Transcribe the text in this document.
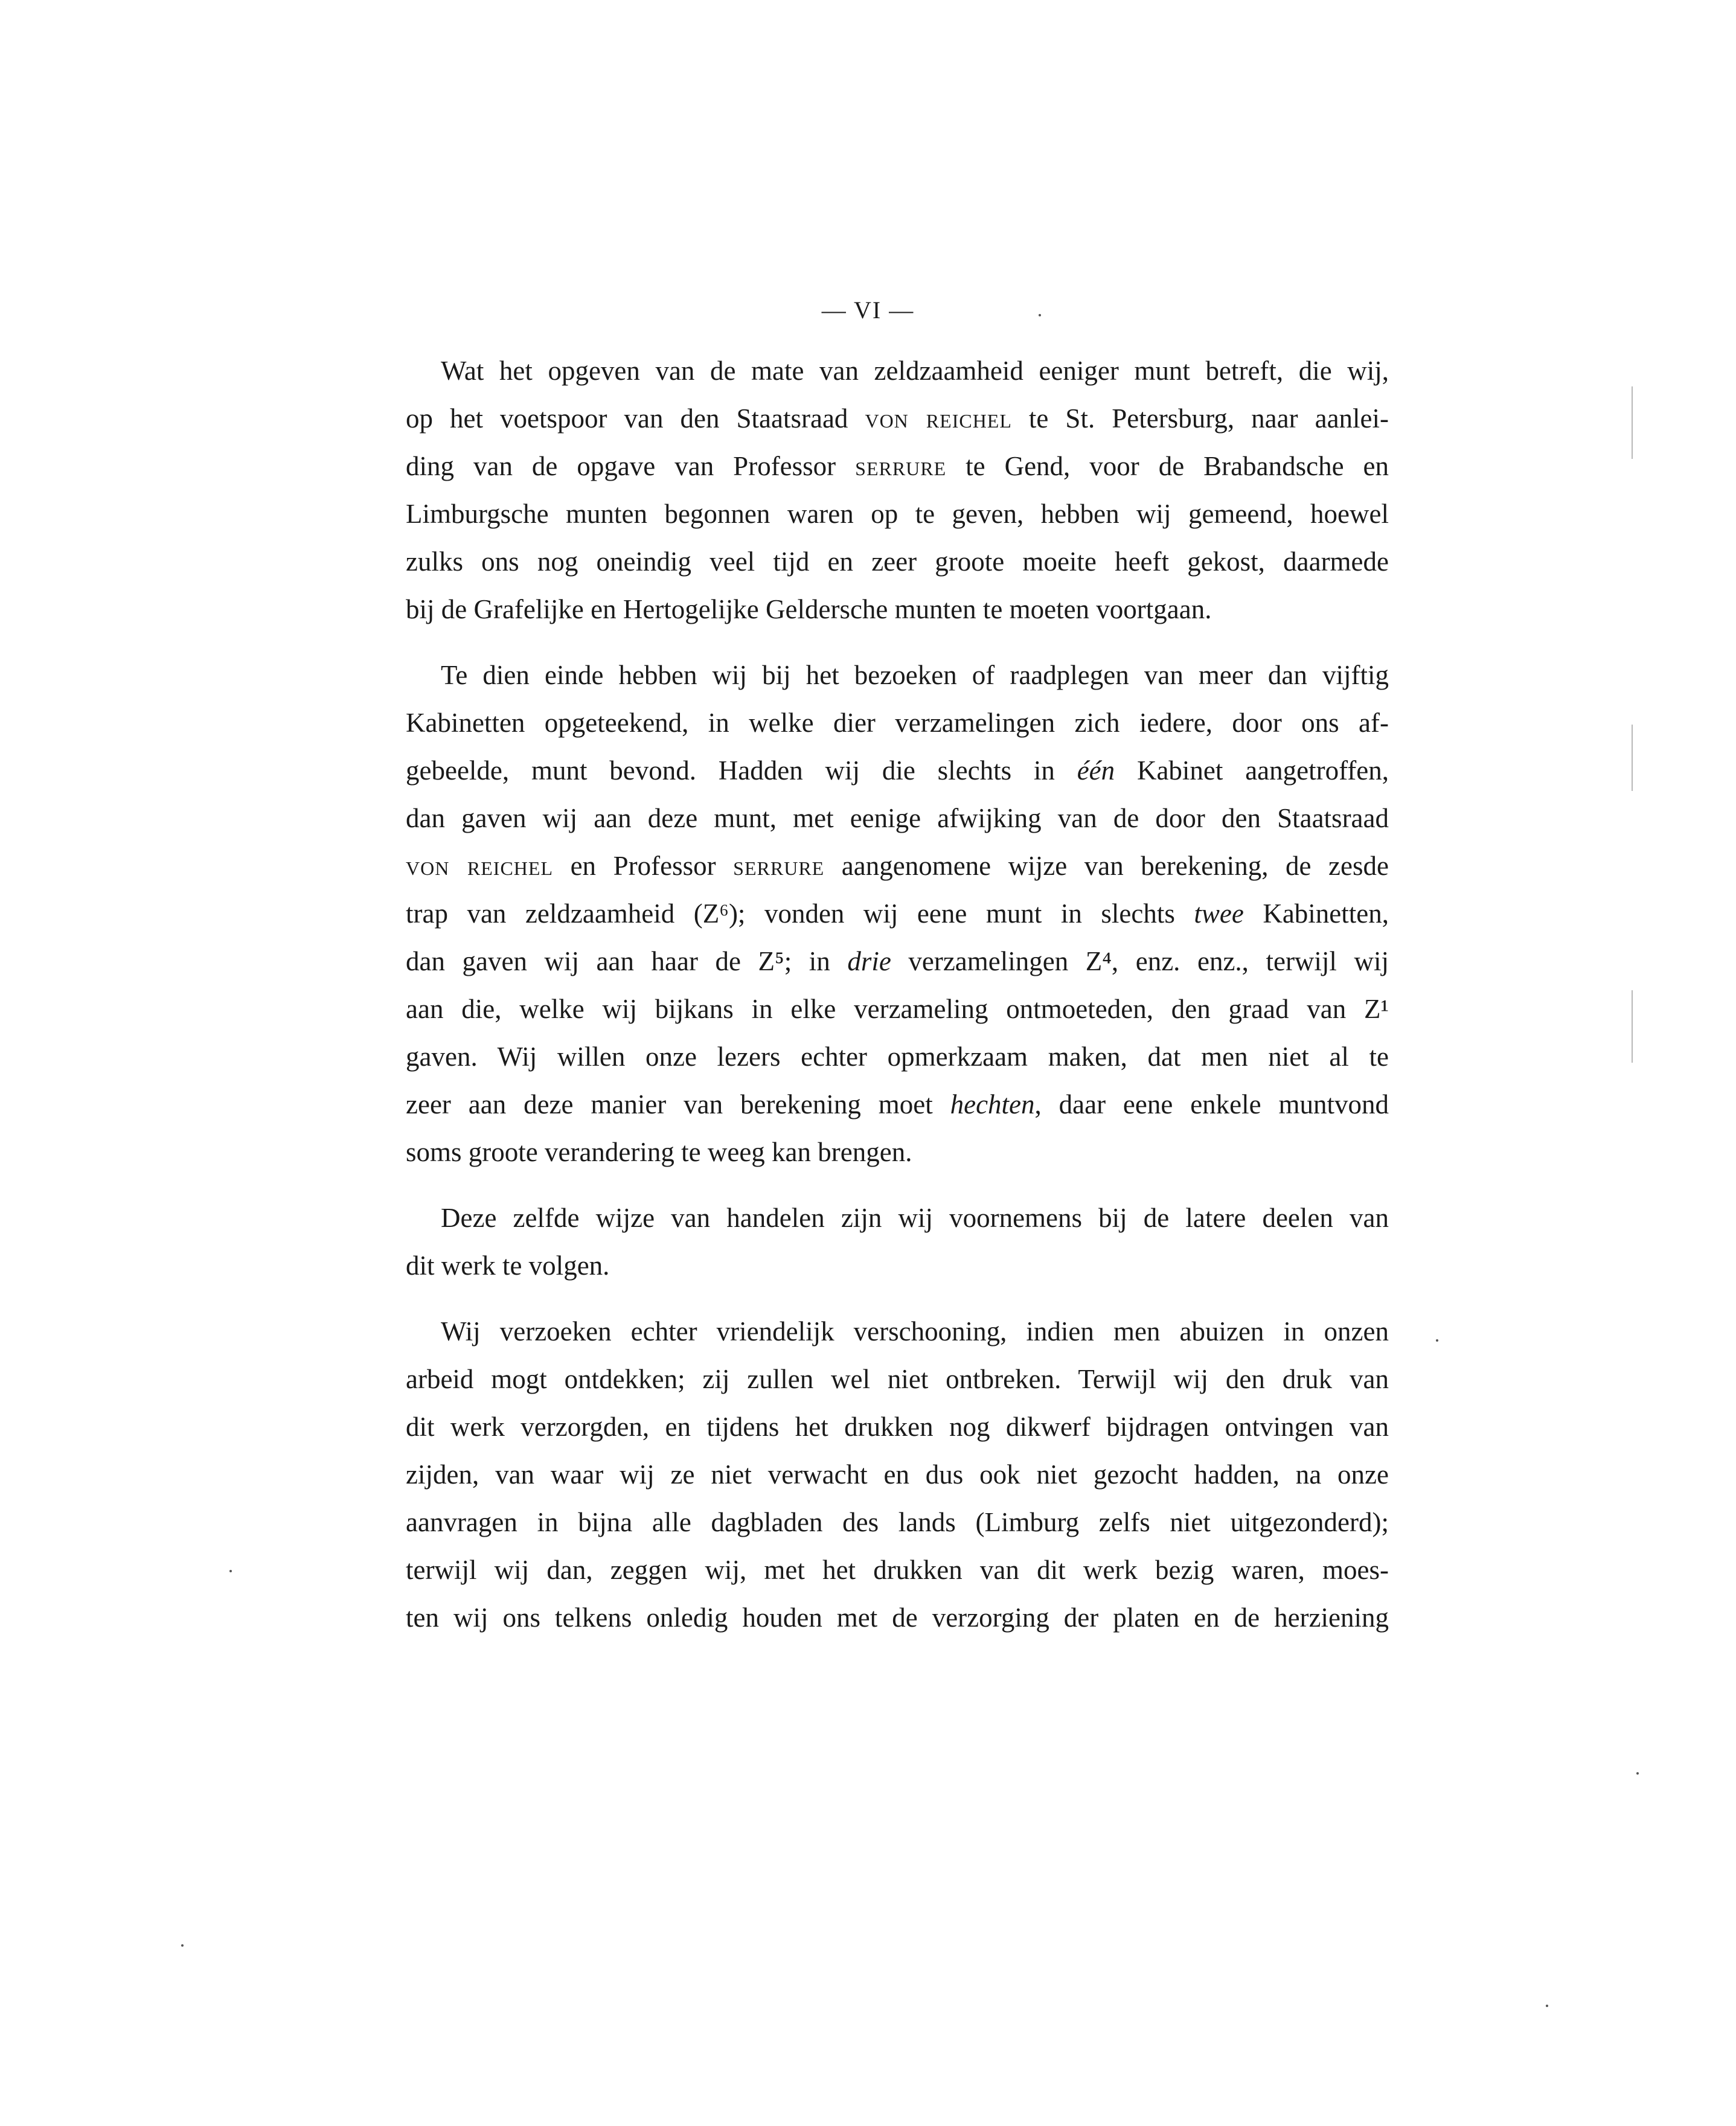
— VI —

Wat het opgeven van de mate van zeldzaamheid eeniger munt betreft, die wij,
op het voetspoor van den Staatsraad von reichel te St. Petersburg, naar aanlei-
ding van de opgave van Professor serrure te Gend, voor de Brabandsche en
Limburgsche munten begonnen waren op te geven, hebben wij gemeend, hoewel
zulks ons nog oneindig veel tijd en zeer groote moeite heeft gekost, daarmede
bij de Grafelijke en Hertogelijke Geldersche munten te moeten voortgaan.

Te dien einde hebben wij bij het bezoeken of raadplegen van meer dan vijftig
Kabinetten opgeteekend, in welke dier verzamelingen zich iedere, door ons af-
gebeelde, munt bevond. Hadden wij die slechts in één Kabinet aangetroffen,
dan gaven wij aan deze munt, met eenige afwijking van de door den Staatsraad
von reichel en Professor serrure aangenomene wijze van berekening, de zesde
trap van zeldzaamheid (Z⁶); vonden wij eene munt in slechts twee Kabinetten,
dan gaven wij aan haar de Z⁵; in drie verzamelingen Z⁴, enz. enz., terwijl wij
aan die, welke wij bijkans in elke verzameling ontmoeteden, den graad van Z¹
gaven. Wij willen onze lezers echter opmerkzaam maken, dat men niet al te
zeer aan deze manier van berekening moet hechten, daar eene enkele muntvond
soms groote verandering te weeg kan brengen.

Deze zelfde wijze van handelen zijn wij voornemens bij de latere deelen van
dit werk te volgen.

Wij verzoeken echter vriendelijk verschooning, indien men abuizen in onzen
arbeid mogt ontdekken; zij zullen wel niet ontbreken. Terwijl wij den druk van
dit werk verzorgden, en tijdens het drukken nog dikwerf bijdragen ontvingen van
zijden, van waar wij ze niet verwacht en dus ook niet gezocht hadden, na onze
aanvragen in bijna alle dagbladen des lands (Limburg zelfs niet uitgezonderd);
terwijl wij dan, zeggen wij, met het drukken van dit werk bezig waren, moes-
ten wij ons telkens onledig houden met de verzorging der platen en de herziening
